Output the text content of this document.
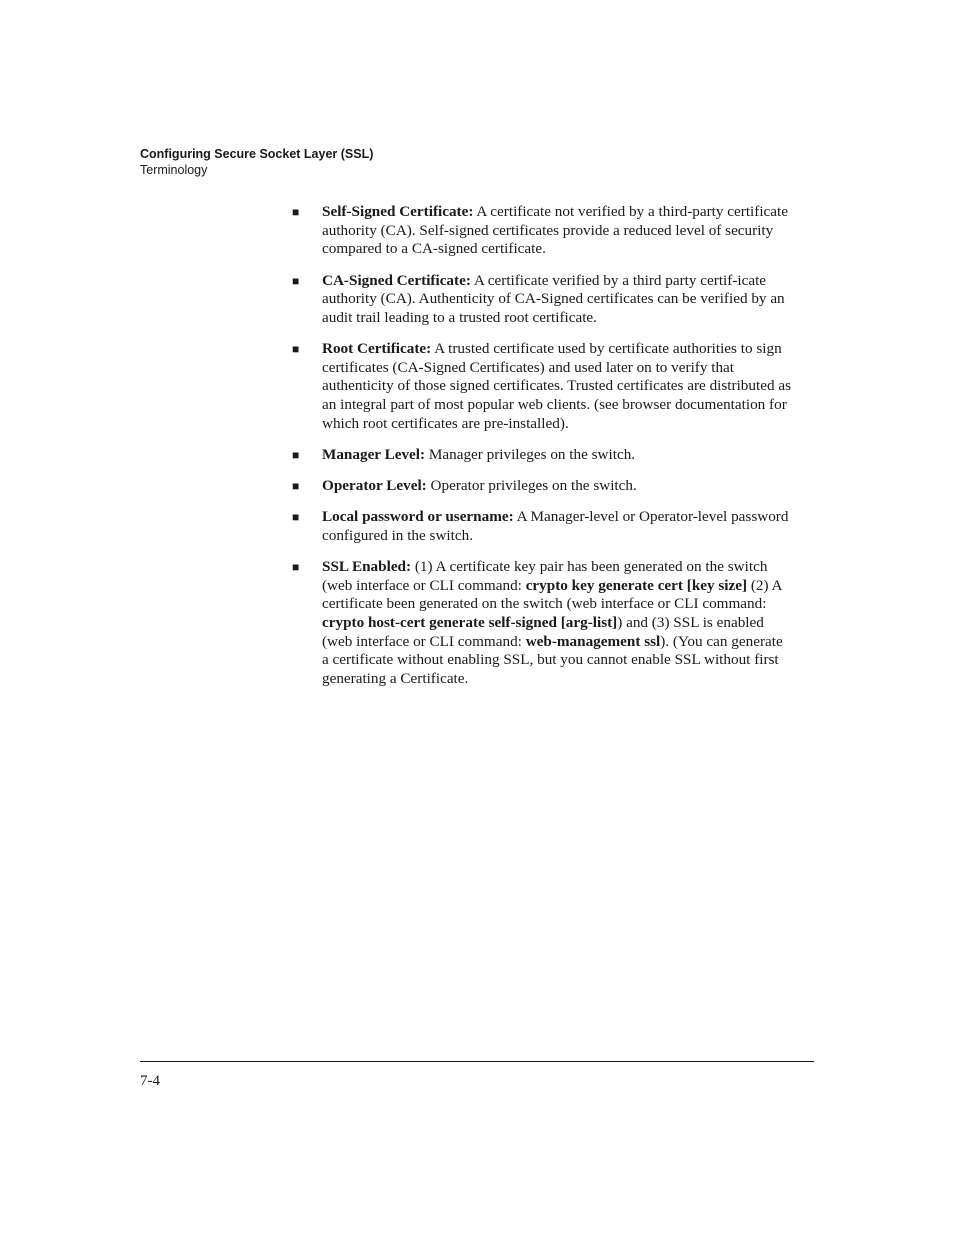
Configuring Secure Socket Layer (SSL)
Terminology
■ Self-Signed Certificate: A certificate not verified by a third-party certificate authority (CA). Self-signed certificates provide a reduced level of security compared to a CA-signed certificate.
■ CA-Signed Certificate: A certificate verified by a third party certif-icate authority (CA). Authenticity of CA-Signed certificates can be verified by an audit trail leading to a trusted root certificate.
■ Root Certificate: A trusted certificate used by certificate authorities to sign certificates (CA-Signed Certificates) and used later on to verify that authenticity of those signed certificates. Trusted certificates are distributed as an integral part of most popular web clients. (see browser documentation for which root certificates are pre-installed).
■ Manager Level: Manager privileges on the switch.
■ Operator Level: Operator privileges on the switch.
■ Local password or username: A Manager-level or Operator-level password configured in the switch.
■ SSL Enabled: (1) A certificate key pair has been generated on the switch (web interface or CLI command: crypto key generate cert [key size] (2) A certificate been generated on the switch (web interface or CLI command: crypto host-cert generate self-signed [arg-list]) and (3) SSL is enabled (web interface or CLI command: web-management ssl). (You can generate a certificate without enabling SSL, but you cannot enable SSL without first generating a Certificate.
7-4
